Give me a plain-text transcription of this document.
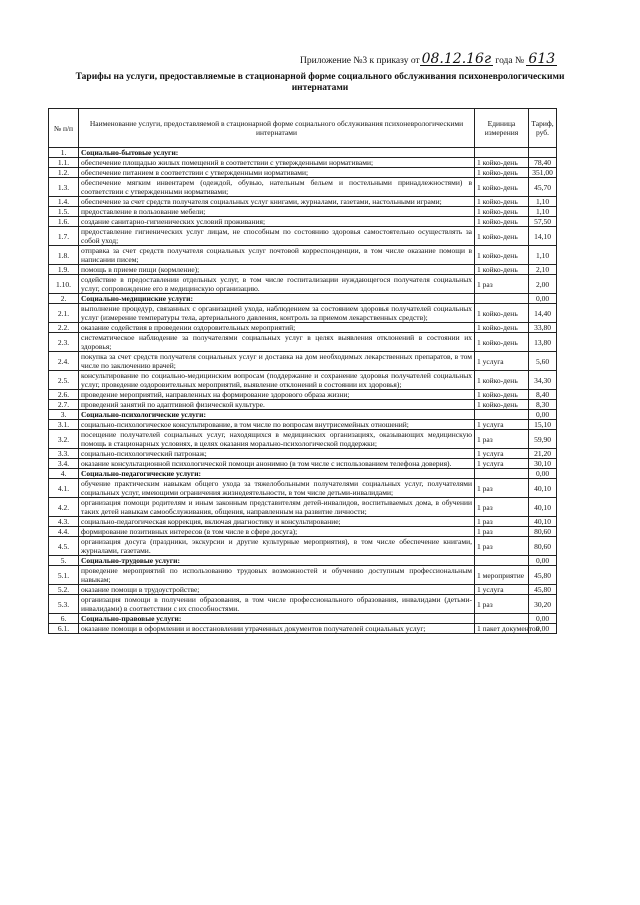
Приложение №3 к приказу от 08.12.16г года № 613
Тарифы на услуги, предоставляемые в стационарной форме социального обслуживания психоневрологическими интернатами
№ п/п	Наименование услуги, предоставляемой в стационарной форме социального обслуживания психоневрологическими интернатами	Единица измерения	Тариф, руб.
1.	Социально-бытовые услуги:		
1.1.	обеспечение площадью жилых помещений в соответствии с утвержденными нормативами;	1 койко-день	78,40
1.2.	обеспечение питанием в соответствии с утвержденными нормативами;	1 койко-день	351,00
1.3.	обеспечение мягким инвентарем (одеждой, обувью, нательным бельем и постельными принадлежностями) в соответствии с утвержденными нормативами;	1 койко-день	45,70
1.4.	обеспечение за счет средств получателя социальных услуг книгами, журналами, газетами, настольными играми;	1 койко-день	1,10
1.5.	предоставление в пользование мебели;	1 койко-день	1,10
1.6.	создание санитарно-гигиенических условий проживания;	1 койко-день	57,50
1.7.	предоставление гигиенических услуг лицам, не способным по состоянию здоровья самостоятельно осуществлять за собой уход;	1 койко-день	14,10
1.8.	отправка за счет средств получателя социальных услуг почтовой корреспонденции, в том числе оказание помощи в написании писем;	1 койко-день	1,10
1.9.	помощь в приеме пищи (кормление);	1 койко-день	2,10
1.10.	содействие в предоставлении отдельных услуг, в том числе госпитализации нуждающегося получателя социальных услуг, сопровождение его в медицинскую организацию.	1 раз	2,00
2.	Социально-медицинские услуги:		0,00
2.1.	выполнение процедур, связанных с организацией ухода, наблюдением за состоянием здоровья получателей социальных услуг (измерение температуры тела, артериального давления, контроль за приемом лекарственных средств);	1 койко-день	14,40
2.2.	оказание содействия в проведении оздоровительных мероприятий;	1 койко-день	33,80
2.3.	систематическое наблюдение за получателями социальных услуг в целях выявления отклонений в состоянии их здоровья;	1 койко-день	13,80
2.4.	покупка за счет средств получателя социальных услуг и доставка на дом необходимых лекарственных препаратов, в том числе по заключению врачей;	1 услуга	5,60
2.5.	консультирование по социально-медицинским вопросам (поддержание и сохранение здоровья получателей социальных услуг, проведение оздоровительных мероприятий, выявление отклонений в состоянии их здоровья);	1 койко-день	34,30
2.6.	проведение мероприятий, направленных на формирование здорового образа жизни;	1 койко-день	8,40
2.7.	проведений занятий по адаптивной физической культуре.	1 койко-день	8,30
3.	Социально-психологические услуги:		0,00
3.1.	социально-психологическое консультирование, в том числе по вопросам внутрисемейных отношений;	1 услуга	15,10
3.2.	посещение получателей социальных услуг, находящихся в медицинских организациях, оказывающих медицинскую помощь в стационарных условиях, в целях оказания морально-психологической поддержки;	1 раз	59,90
3.3.	социально-психологический патронаж;	1 услуга	21,20
3.4.	оказание консультационной психологической помощи анонимно (в том числе с использованием телефона доверия).	1 услуга	30,10
4.	Социально-педагогические услуги:		0,00
4.1.	обучение практическим навыкам общего ухода за тяжелобольными получателями социальных услуг, получателями социальных услуг, имеющими ограничения жизнедеятельности, в том числе детьми-инвалидами;	1 раз	40,10
4.2.	организация помощи родителям и иным законным представителям детей-инвалидов, воспитываемых дома, в обучении таких детей навыкам самообслуживания, общения, направленным на развитие личности;	1 раз	40,10
4.3.	социально-педагогическая коррекция, включая диагностику и консультирование;	1 раз	40,10
4.4.	формирование позитивных интересов (в том числе в сфере досуга);	1 раз	80,60
4.5.	организация досуга (праздники, экскурсии и другие культурные мероприятия), в том числе обеспечение книгами, журналами, газетами.	1 раз	80,60
5.	Социально-трудовые услуги:		0,00
5.1.	проведение мероприятий по использованию трудовых возможностей и обучению доступным профессиональным навыкам;	1 мероприятие	45,80
5.2.	оказание помощи в трудоустройстве;	1 услуга	45,80
5.3.	организация помощи в получении образования, в том числе профессионального образования, инвалидами (детьми-инвалидами) в соответствии с их способностями.	1 раз	30,20
6.	Социально-правовые услуги:		0,00
6.1.	оказание помощи в оформлении и восстановлении утраченных документов получателей социальных услуг;	1 пакет документов	0,00
